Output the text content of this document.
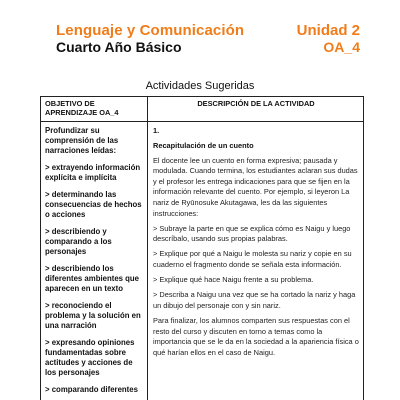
Lenguaje y Comunicación
Cuarto Año Básico
Unidad 2
OA_4
Actividades Sugeridas
OBJETIVO DE APRENDIZAJE OA_4
DESCRIPCIÓN DE LA ACTIVIDAD

Profundizar su comprensión de las narraciones leídas:

> extrayendo información explícita e implícita

> determinando las consecuencias de hechos o acciones

> describiendo y comparando a los personajes

> describiendo los diferentes ambientes que aparecen en un texto

> reconociendo el problema y la solución en una narración

> expresando opiniones fundamentadas sobre actitudes y acciones de los personajes

> comparando diferentes

1.

Recapitulación de un cuento

El docente lee un cuento en forma expresiva; pausada y modulada. Cuando termina, los estudiantes aclaran sus dudas y el profesor les entrega indicaciones para que se fijen en la información relevante del cuento. Por ejemplo, si leyeron La nariz de Ryūnosuke Akutagawa, les da las siguientes instrucciones:

> Subraye la parte en que se explica cómo es Naigu y luego descríbalo, usando sus propias palabras.

> Explique por qué a Naigu le molesta su nariz y copie en su cuaderno el fragmento donde se señala esta información.

> Explique qué hace Naigu frente a su problema.

> Describa a Naigu una vez que se ha cortado la nariz y haga un dibujo del personaje con y sin nariz.

Para finalizar, los alumnos comparten sus respuestas con el resto del curso y discuten en torno a temas como la importancia que se le da en la sociedad a la apariencia física o qué harían ellos en el caso de Naigu.
